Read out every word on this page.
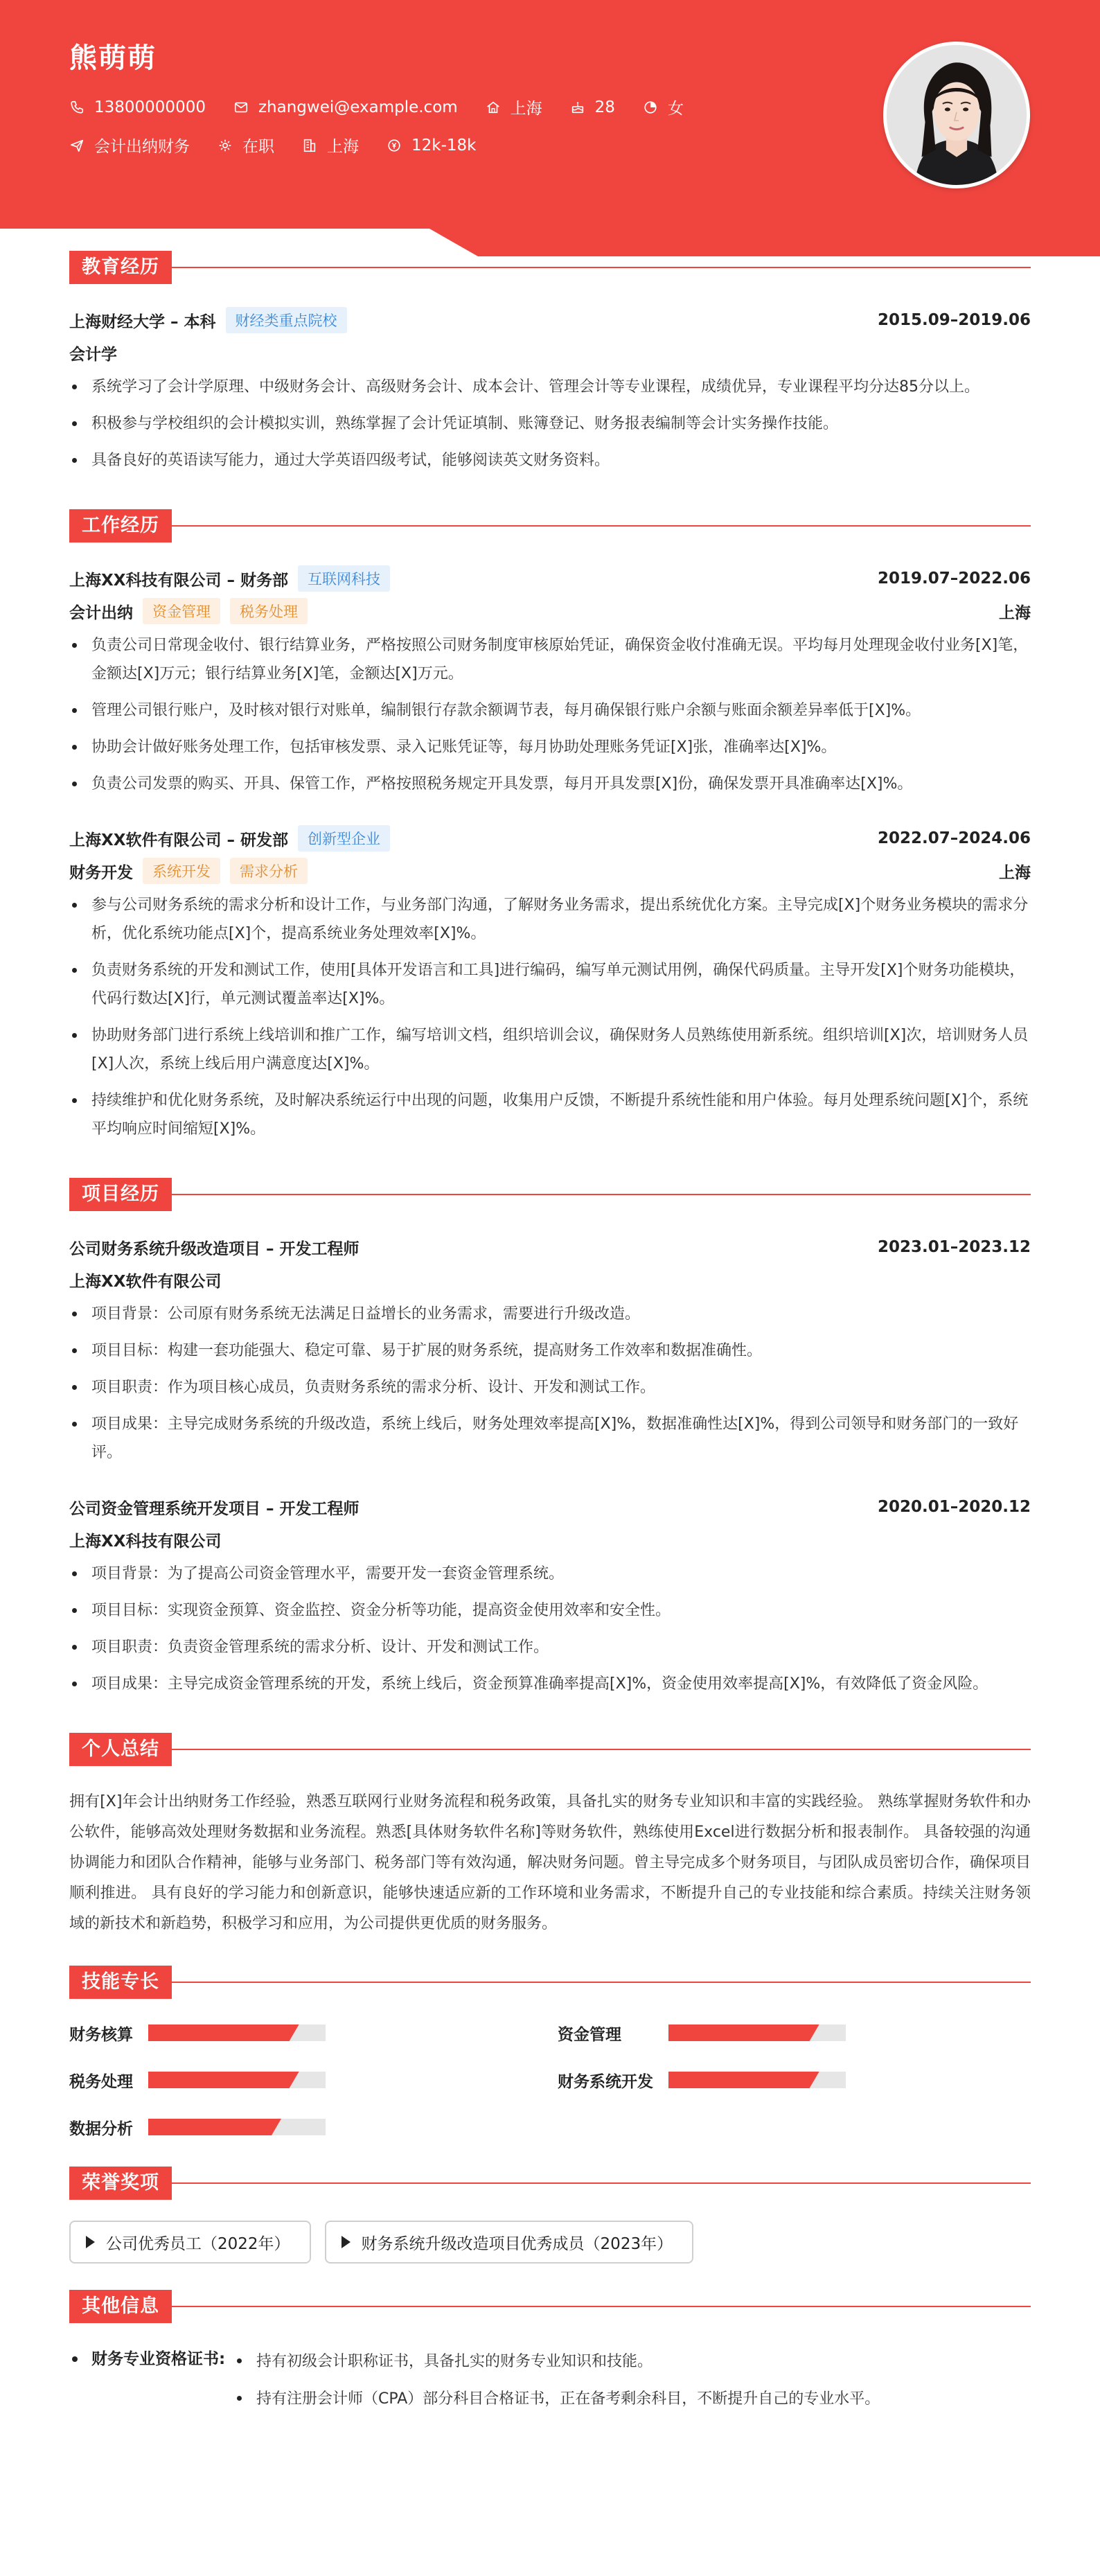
熊萌萌
13800000000	zhangwei@example.com	上海	28	女
会计出纳财务	在职	上海	12k-18k
教育经历
上海财经大学 – 本科	财经类重点院校	2015.09–2019.06
会计学
系统学习了会计学原理、中级财务会计、高级财务会计、成本会计、管理会计等专业课程，成绩优异，专业课程平均分达85分以上。
积极参与学校组织的会计模拟实训，熟练掌握了会计凭证填制、账簿登记、财务报表编制等会计实务操作技能。
具备良好的英语读写能力，通过大学英语四级考试，能够阅读英文财务资料。
工作经历
上海XX科技有限公司 – 财务部	互联网科技	2019.07–2022.06
会计出纳	资金管理	税务处理	上海
负责公司日常现金收付、银行结算业务，严格按照公司财务制度审核原始凭证，确保资金收付准确无误。平均每月处理现金收付业务[X]笔，金额达[X]万元；银行结算业务[X]笔，金额达[X]万元。
管理公司银行账户，及时核对银行对账单，编制银行存款余额调节表，每月确保银行账户余额与账面余额差异率低于[X]%。
协助会计做好账务处理工作，包括审核发票、录入记账凭证等，每月协助处理账务凭证[X]张，准确率达[X]%。
负责公司发票的购买、开具、保管工作，严格按照税务规定开具发票，每月开具发票[X]份，确保发票开具准确率达[X]%。
上海XX软件有限公司 – 研发部	创新型企业	2022.07–2024.06
财务开发	系统开发	需求分析	上海
参与公司财务系统的需求分析和设计工作，与业务部门沟通，了解财务业务需求，提出系统优化方案。主导完成[X]个财务业务模块的需求分析，优化系统功能点[X]个，提高系统业务处理效率[X]%。
负责财务系统的开发和测试工作，使用[具体开发语言和工具]进行编码，编写单元测试用例，确保代码质量。主导开发[X]个财务功能模块，代码行数达[X]行，单元测试覆盖率达[X]%。
协助财务部门进行系统上线培训和推广工作，编写培训文档，组织培训会议，确保财务人员熟练使用新系统。组织培训[X]次，培训财务人员[X]人次，系统上线后用户满意度达[X]%。
持续维护和优化财务系统，及时解决系统运行中出现的问题，收集用户反馈，不断提升系统性能和用户体验。每月处理系统问题[X]个，系统平均响应时间缩短[X]%。
项目经历
公司财务系统升级改造项目 – 开发工程师	2023.01–2023.12
上海XX软件有限公司
项目背景：公司原有财务系统无法满足日益增长的业务需求，需要进行升级改造。
项目目标：构建一套功能强大、稳定可靠、易于扩展的财务系统，提高财务工作效率和数据准确性。
项目职责：作为项目核心成员，负责财务系统的需求分析、设计、开发和测试工作。
项目成果：主导完成财务系统的升级改造，系统上线后，财务处理效率提高[X]%，数据准确性达[X]%，得到公司领导和财务部门的一致好评。
公司资金管理系统开发项目 – 开发工程师	2020.01–2020.12
上海XX科技有限公司
项目背景：为了提高公司资金管理水平，需要开发一套资金管理系统。
项目目标：实现资金预算、资金监控、资金分析等功能，提高资金使用效率和安全性。
项目职责：负责资金管理系统的需求分析、设计、开发和测试工作。
项目成果：主导完成资金管理系统的开发，系统上线后，资金预算准确率提高[X]%，资金使用效率提高[X]%，有效降低了资金风险。
个人总结

拥有[X]年会计出纳财务工作经验，熟悉互联网行业财务流程和税务政策，具备扎实的财务专业知识和丰富的实践经验。 熟练掌握财务软件和办公软件，能够高效处理财务数据和业务流程。熟悉[具体财务软件名称]等财务软件，熟练使用Excel进行数据分析和报表制作。 具备较强的沟通协调能力和团队合作精神，能够与业务部门、税务部门等有效沟通，解决财务问题。曾主导完成多个财务项目，与团队成员密切合作，确保项目顺利推进。 具有良好的学习能力和创新意识，能够快速适应新的工作环境和业务需求，不断提升自己的专业技能和综合素质。持续关注财务领域的新技术和新趋势，积极学习和应用，为公司提供更优质的财务服务。

技能专长
财务核算	资金管理
税务处理	财务系统开发
数据分析
荣誉奖项
公司优秀员工（2022年）	财务系统升级改造项目优秀成员（2023年）
其他信息
财务专业资格证书:	持有初级会计职称证书，具备扎实的财务专业知识和技能。
持有注册会计师（CPA）部分科目合格证书，正在备考剩余科目，不断提升自己的专业水平。
